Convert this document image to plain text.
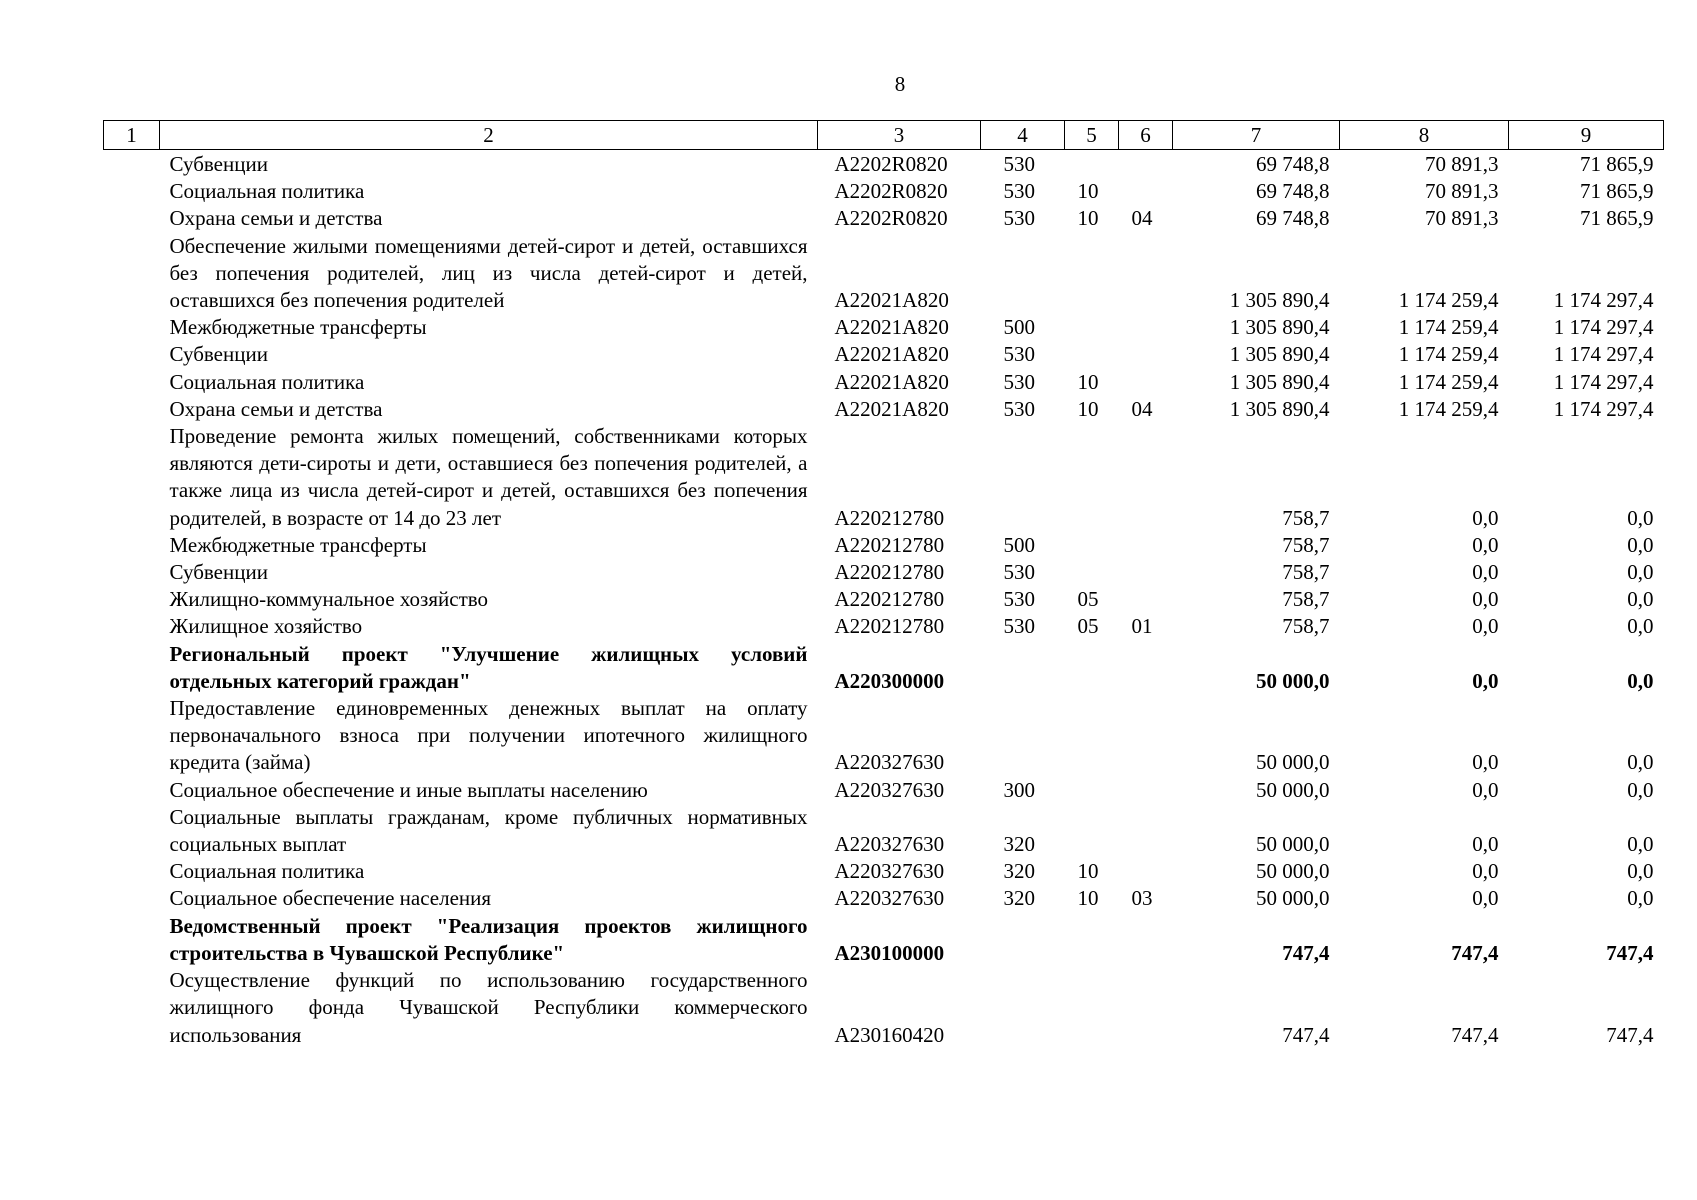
8
1	2	3	4	5	6	7	8	9
	Субвенции	А2202R0820	530			69 748,8	70 891,3	71 865,9
	Социальная политика	А2202R0820	530	10		69 748,8	70 891,3	71 865,9
	Охрана семьи и детства	А2202R0820	530	10	04	69 748,8	70 891,3	71 865,9
	Обеспечение жилыми помещениями детей-сирот и детей, оставшихся без попечения родителей, лиц из числа детей-сирот и детей, оставшихся без попечения родителей	А22021А820				1 305 890,4	1 174 259,4	1 174 297,4
	Межбюджетные трансферты	А22021А820	500			1 305 890,4	1 174 259,4	1 174 297,4
	Субвенции	А22021А820	530			1 305 890,4	1 174 259,4	1 174 297,4
	Социальная политика	А22021А820	530	10		1 305 890,4	1 174 259,4	1 174 297,4
	Охрана семьи и детства	А22021А820	530	10	04	1 305 890,4	1 174 259,4	1 174 297,4
	Проведение ремонта жилых помещений, собственниками которых являются дети-сироты и дети, оставшиеся без попечения родителей, а также лица из числа детей-сирот и детей, оставшихся без попечения родителей, в возрасте от 14 до 23 лет	А220212780				758,7	0,0	0,0
	Межбюджетные трансферты	А220212780	500			758,7	0,0	0,0
	Субвенции	А220212780	530			758,7	0,0	0,0
	Жилищно-коммунальное хозяйство	А220212780	530	05		758,7	0,0	0,0
	Жилищное хозяйство	А220212780	530	05	01	758,7	0,0	0,0
	Региональный проект "Улучшение жилищных условий отдельных категорий граждан"	А220300000				50 000,0	0,0	0,0
	Предоставление единовременных денежных выплат на оплату первоначального взноса при получении ипотечного жилищного кредита (займа)	А220327630				50 000,0	0,0	0,0
	Социальное обеспечение и иные выплаты населению	А220327630	300			50 000,0	0,0	0,0
	Социальные выплаты гражданам, кроме публичных нормативных социальных выплат	А220327630	320			50 000,0	0,0	0,0
	Социальная политика	А220327630	320	10		50 000,0	0,0	0,0
	Социальное обеспечение населения	А220327630	320	10	03	50 000,0	0,0	0,0
	Ведомственный проект "Реализация проектов жилищного строительства в Чувашской Республике"	А230100000				747,4	747,4	747,4
	Осуществление функций по использованию государственного жилищного фонда Чувашской Республики коммерческого использования	А230160420				747,4	747,4	747,4
